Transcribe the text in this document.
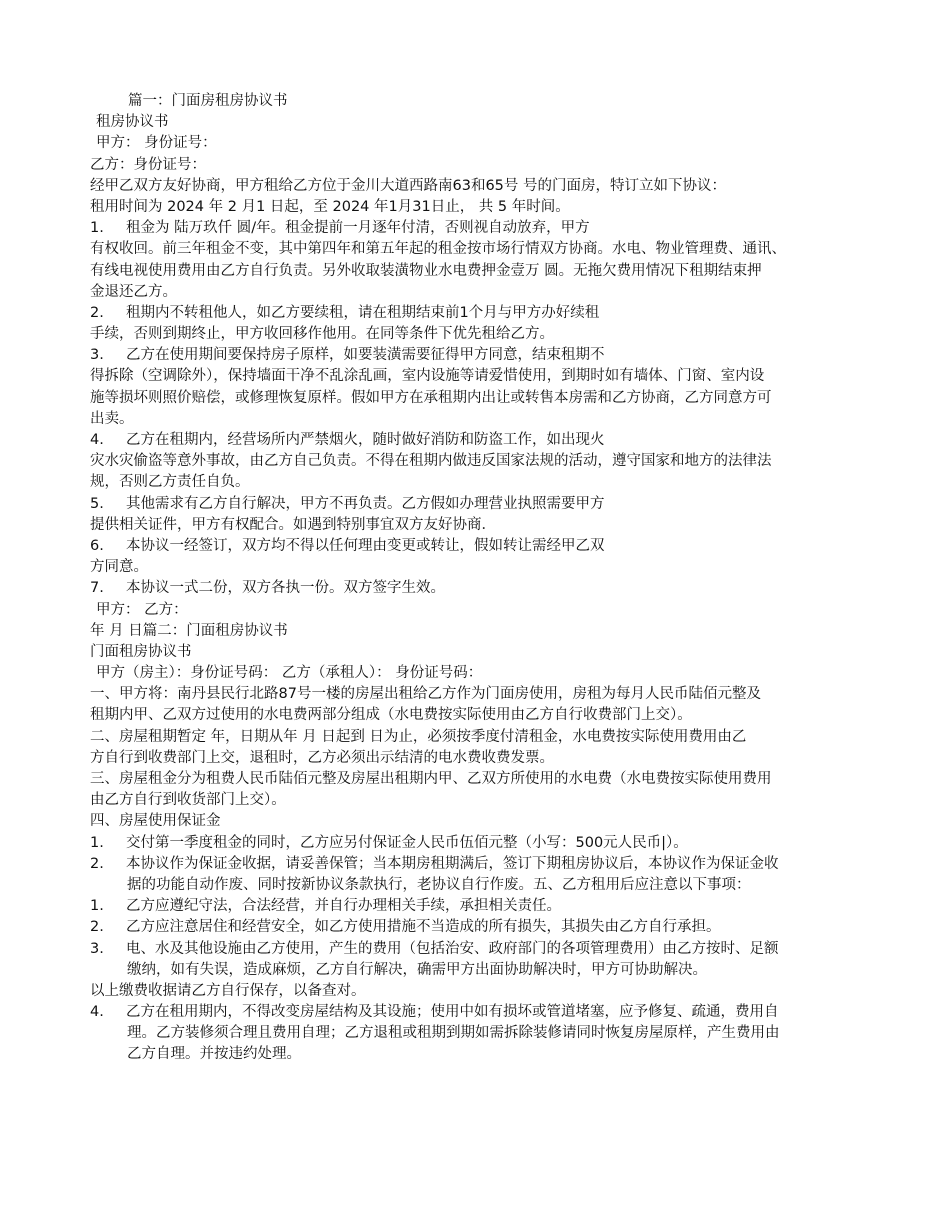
篇一：门面房租房协议书
租房协议书
甲方： 身份证号：
乙方：身份证号：
经甲乙双方友好协商，甲方租给乙方位于金川大道西路南63和65号 号的门面房，特订立如下协议：
租用时间为 2024 年 2 月1 日起，至 2024 年1月31日止， 共 5 年时间。
1. 租金为 陆万玖仟 圆/年。租金提前一月逐年付清，否则视自动放弃，甲方
有权收回。前三年租金不变，其中第四年和第五年起的租金按市场行情双方协商。水电、物业管理费、通讯、
有线电视使用费用由乙方自行负责。另外收取装潢物业水电费押金壹万 圆。无拖欠费用情况下租期结束押
金退还乙方。
2. 租期内不转租他人，如乙方要续租，请在租期结束前1个月与甲方办好续租
手续，否则到期终止，甲方收回移作他用。在同等条件下优先租给乙方。
3. 乙方在使用期间要保持房子原样，如要装潢需要征得甲方同意，结束租期不
得拆除（空调除外），保持墙面干净不乱涂乱画，室内设施等请爱惜使用，到期时如有墙体、门窗、室内设
施等损坏则照价赔偿，或修理恢复原样。假如甲方在承租期内出让或转售本房需和乙方协商，乙方同意方可
出卖。
4. 乙方在租期内，经营场所内严禁烟火，随时做好消防和防盗工作，如出现火
灾水灾偷盗等意外事故，由乙方自己负责。不得在租期内做违反国家法规的活动，遵守国家和地方的法律法
规，否则乙方责任自负。
5. 其他需求有乙方自行解决，甲方不再负责。乙方假如办理营业执照需要甲方
提供相关证件，甲方有权配合。如遇到特别事宜双方友好协商．
6. 本协议一经签订，双方均不得以任何理由变更或转让，假如转让需经甲乙双
方同意。
7. 本协议一式二份，双方各执一份。双方签字生效。
甲方： 乙方：
年 月 日篇二：门面租房协议书
门面租房协议书
甲方（房主）：身份证号码： 乙方（承租人）： 身份证号码：
一、甲方将：南丹县民行北路87号一楼的房屋出租给乙方作为门面房使用，房租为每月人民币陆佰元整及
租期内甲、乙双方过使用的水电费两部分组成（水电费按实际使用由乙方自行收费部门上交）。
二、房屋租期暂定 年，日期从年 月 日起到 日为止，必须按季度付清租金，水电费按实际使用费用由乙
方自行到收费部门上交，退租时，乙方必须出示结清的电水费收费发票。
三、房屋租金分为租费人民币陆佰元整及房屋出租期内甲、乙双方所使用的水电费（水电费按实际使用费用
由乙方自行到收货部门上交）。
四、房屋使用保证金
1. 交付第一季度租金的同时，乙方应另付保证金人民币伍佰元整（小写：500元人民币|）。
2. 本协议作为保证金收据，请妥善保管；当本期房租期满后，签订下期租房协议后，本协议作为保证金收
据的功能自动作废、同时按新协议条款执行，老协议自行作废。五、乙方租用后应注意以下事项：
1. 乙方应遵纪守法，合法经营，并自行办理相关手续，承担相关责任。
2. 乙方应注意居住和经营安全，如乙方使用措施不当造成的所有损失，其损失由乙方自行承担。
3. 电、水及其他设施由乙方使用，产生的费用（包括治安、政府部门的各项管理费用）由乙方按时、足额
缴纳，如有失误，造成麻烦，乙方自行解决，确需甲方出面协助解决时，甲方可协助解决。
以上缴费收据请乙方自行保存，以备查对。
4. 乙方在租用期内，不得改变房屋结构及其设施；使用中如有损坏或管道堵塞，应予修复、疏通，费用自
理。乙方装修须合理且费用自理；乙方退租或租期到期如需拆除装修请同时恢复房屋原样，产生费用由
乙方自理。并按违约处理。
